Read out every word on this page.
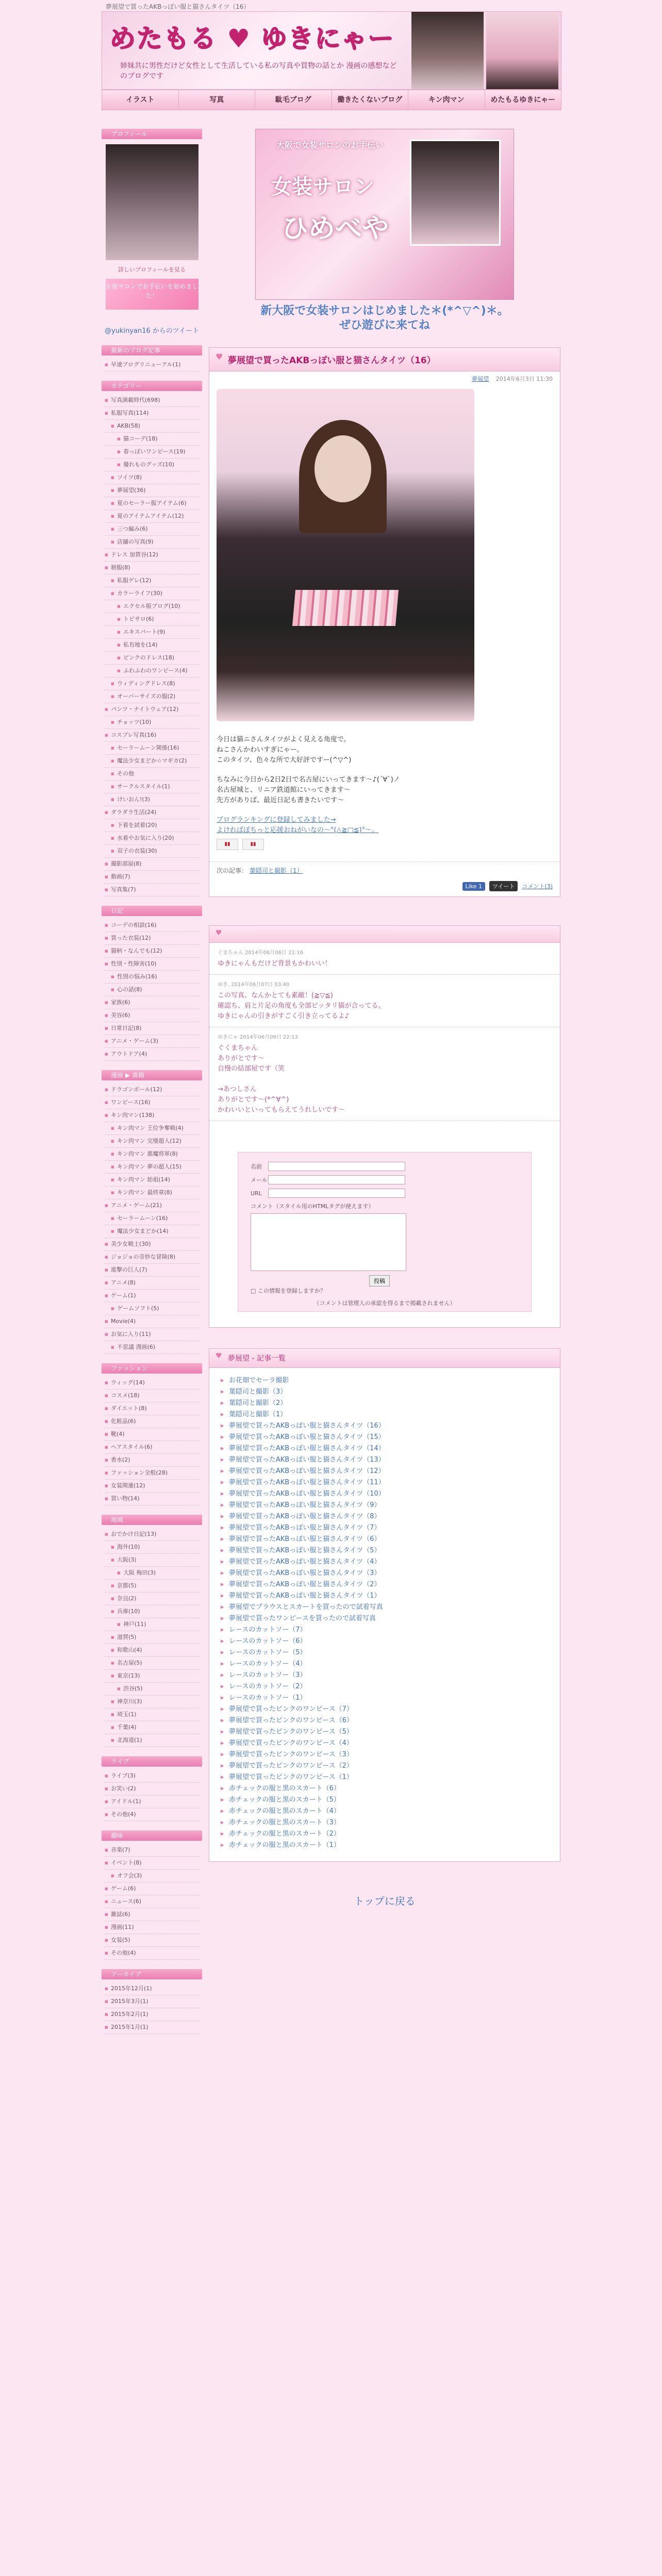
夢展望で買ったAKBっぽい服と猫さんタイツ（16）
めたもる ♥ ゆきにゃー
姉妹共に男性だけど女性として生活している私の写真や買物の話とか 漫画の感想などのブログです
イラスト	写真	駄毛ブログ	働きたくないブログ	キン肉マン	めたもるゆきにゃー
プロフィール
詳しいプロフィールを見る
女装サロンでお手伝いを始めました！
@yukinyan16 からのツイート
最新のブログ記事
■ 早速ブログリニューアル(1)
カテゴリー
■ 写真満載時代(698)
■ 私服写真(114)
■ AKB(58)
■ 猫コーデ(18)
■ 春っぽいワンピース(19)
■ 優れものグッズ(10)
■ ソイツ(8)
■ 夢展望(36)
■ 夏のセーラー服アイテム(6)
■ 夏のアイテムアイテム(12)
■ 三つ編み(6)
■ 店舗の写真(9)
■ ドレス 加賀谷(12)
■ 制服(8)
■ 私服ゲレ(12)
■ カラーライフ(30)
■ エクセル版ブログ(10)
■ トピサロ(6)
■ エキスパート(9)
■ 私有地を(14)
■ ピンクのドレス(18)
■ ふわふわのワンピース(4)
■ ウィディングドレス(8)
■ オーバーサイズの服(2)
■ パンツ・ナイトウェア(12)
■ チョッツ(10)
■ コスプレ写真(16)
■ セーラームーン関係(16)
■ 魔法少女まどか☆マギカ(2)
■ その他
■ サークルスタイル(1)
■ けいおん!(3)
■ ダラダラ生活(24)
■ 下着を試着(20)
■ 水着やお気に入り(20)
■ 双子の衣装(30)
■ 撮影部屋(8)
■ 動画(7)
■ 写真集(7)
日記
■ コーデの相談(16)
■ 買った衣装(12)
■ 猫柄・なんでも(12)
■ 性別・性障害(10)
■ 性別の悩み(16)
■ 心の話(8)
■ 家族(6)
■ 美容(6)
■ 日常日記(8)
■ アニメ・ゲーム(3)
■ アウトドア(4)
漫画 ▶ 書籍
■ ドラゴンボール(12)
■ ワンピース(16)
■ キン肉マン(138)
■ キン肉マン 王位争奪戦(4)
■ キン肉マン 完璧超人(12)
■ キン肉マン 悪魔将軍(8)
■ キン肉マン 夢の超人(15)
■ キン肉マン 始祖(14)
■ キン肉マン 最終章(8)
■ アニメ・ゲーム(21)
■ セーラームーン(16)
■ 魔法少女まどか(14)
■ 美少女戦士(30)
■ ジョジョの奇妙な冒険(8)
■ 進撃の巨人(7)
■ アニメ(8)
■ ゲーム(1)
■ ゲームソフト(5)
■ Movie(4)
■ お気に入り(11)
■ 不思議 漫画(6)
ファッション
■ ウィッグ(14)
■ コスメ(18)
■ ダイエット(8)
■ 化粧品(6)
■ 靴(4)
■ ヘアスタイル(6)
■ 香水(2)
■ ファッション全般(28)
■ 女装関連(12)
■ 買い物(14)
地域
■ おでかけ日記(13)
■ 海外(10)
■ 大阪(3)
■ 大阪 梅田(3)
■ 京都(5)
■ 奈良(2)
■ 兵庫(10)
■ 神戸(11)
■ 滋賀(5)
■ 和歌山(4)
■ 名古屋(5)
■ 東京(13)
■ 渋谷(5)
■ 神奈川(3)
■ 埼玉(1)
■ 千葉(4)
■ 北海道(1)
ライブ
■ ライブ(3)
■ お笑い(2)
■ アイドル(1)
■ その他(4)
趣味
■ 音楽(7)
■ イベント(8)
■ オフ会(3)
■ ゲーム(6)
■ ニュース(6)
■ 雑誌(6)
■ 漫画(11)
■ 女装(5)
■ その他(4)
アーカイブ
■ 2015年12月(1)
■ 2015年3月(1)
■ 2015年2月(1)
■ 2015年1月(1)
大阪で女装サロンのお手伝い
女装サロン
ひめべや
新大阪で女装サロンはじめました＊(*^▽^)＊。
ぜひ遊びに来てね
♥ 夢展望で買ったAKBっぽい服と猫さんタイツ（16）
夢展望 2014年6月3日 11:30

今日は猫ニさんタイツがよく見える角度で。
ねこさんかわいすぎにゃー。
このタイツ、色々な所で大好評ですー(^▽^)

ちなみに今日から2日2日で名古屋にいってきます～♪(´∀`)ノ
名古屋城と、リニア鉄道館にいってきます〜
先方がありば、最近日記も書きたいです〜

ブログランキングに登録してみました→
よければぽちっと応援おねがいなの〜°(△≧□≦)°〜。
▮▮	▮▮
次の記事： 葉隠司と撮影（1）
Like 1	ツイート	コメント(3)
♥
ぐまちゃん 2014年06月06日 21:16
ゆきにゃんもだけど背景もかわいい！
ゆき. 2014年06月07日 03:40
この写真、なんかとても素敵！(≧▽≦)
確認ち、肩と片足の角度も全部ピッタリ猫が合ってる。
ゆきにゃんの引きがすごく引き立ってるよ♪
ゆきにゃ 2014年06月09日 22:13
ぐくまちゃん
ありがとです〜
自慢の結部屋です（笑

→あつしさん
ありがとです〜(*^∀^)
かわいいといってもらえてうれしいです〜
名前
メール
URL
コメント（スタイル用のHTMLタグが使えます）
投稿
□ この情報を登録しますか？
（コメントは管理人の承認を得るまで掲載されません）
♥ 夢展望 - 記事一覧
▸ お花畑でセーラ撮影
▸ 葉隠司と撮影（3）
▸ 葉隠司と撮影（2）
▸ 葉隠司と撮影（1）
▸ 夢展望で買ったAKBっぽい服と猫さんタイツ（16）
▸ 夢展望で買ったAKBっぽい服と猫さんタイツ（15）
▸ 夢展望で買ったAKBっぽい服と猫さんタイツ（14）
▸ 夢展望で買ったAKBっぽい服と猫さんタイツ（13）
▸ 夢展望で買ったAKBっぽい服と猫さんタイツ（12）
▸ 夢展望で買ったAKBっぽい服と猫さんタイツ（11）
▸ 夢展望で買ったAKBっぽい服と猫さんタイツ（10）
▸ 夢展望で買ったAKBっぽい服と猫さんタイツ（9）
▸ 夢展望で買ったAKBっぽい服と猫さんタイツ（8）
▸ 夢展望で買ったAKBっぽい服と猫さんタイツ（7）
▸ 夢展望で買ったAKBっぽい服と猫さんタイツ（6）
▸ 夢展望で買ったAKBっぽい服と猫さんタイツ（5）
▸ 夢展望で買ったAKBっぽい服と猫さんタイツ（4）
▸ 夢展望で買ったAKBっぽい服と猫さんタイツ（3）
▸ 夢展望で買ったAKBっぽい服と猫さんタイツ（2）
▸ 夢展望で買ったAKBっぽい服と猫さんタイツ（1）
▸ 夢展望でプラウスとスカートを買ったので試着写真
▸ 夢展望で買ったワンピースを買ったので試着写真
▸ レースのカットソー（7）
▸ レースのカットソー（6）
▸ レースのカットソー（5）
▸ レースのカットソー（4）
▸ レースのカットソー（3）
▸ レースのカットソー（2）
▸ レースのカットソー（1）
▸ 夢展望で買ったピンクのワンピース（7）
▸ 夢展望で買ったピンクのワンピース（6）
▸ 夢展望で買ったピンクのワンピース（5）
▸ 夢展望で買ったピンクのワンピース（4）
▸ 夢展望で買ったピンクのワンピース（3）
▸ 夢展望で買ったピンクのワンピース（2）
▸ 夢展望で買ったピンクのワンピース（1）
▸ 赤チェックの服と黒のスカート（6）
▸ 赤チェックの服と黒のスカート（5）
▸ 赤チェックの服と黒のスカート（4）
▸ 赤チェックの服と黒のスカート（3）
▸ 赤チェックの服と黒のスカート（2）
▸ 赤チェックの服と黒のスカート（1）
トップに戻る
